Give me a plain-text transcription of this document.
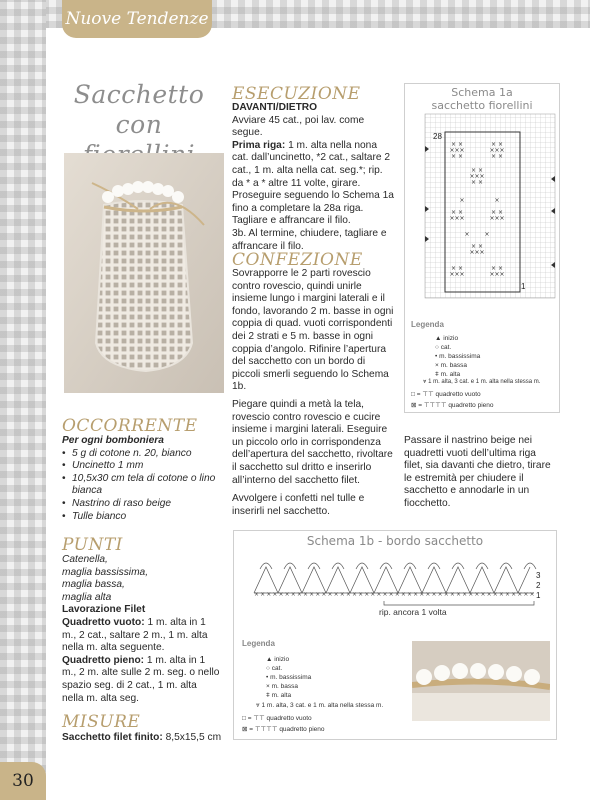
Nuove Tendenze
Sacchetto
con
ESECUZIONE

DAVANTI/DIETRO

Avviare 45 cat., poi lav. come segue.

Prima riga: 1 m. alta nella nona cat. dall’uncinetto, *2 cat., saltare 2 cat., 1 m. alta nella cat. seg.*; rip. da * a * altre 11 volte, girare.

Proseguire seguendo lo Schema 1a fino a completare la 28a riga.

Tagliare e affrancare il filo.

3b. Al termine, chiudere, tagliare e affrancare il filo.

CONFEZIONE
Sovrapporre le 2 parti rovescio contro rovescio, quindi unirle insieme lungo i margini laterali e il fondo, lavorando 2 m. basse in ogni coppia di quad. vuoti corrispondenti dei 2 strati e 5 m. basse in ogni coppia d’angolo. Rifinire l’apertura del sacchetto con un bordo di piccoli smerli seguendo lo Schema 1b.
Piegare quindi a metà la tela, rovescio contro rovescio e cucire insieme i margini laterali. Eseguire un piccolo orlo in corrispondenza dell’apertura del sacchetto, rivoltare il sacchetto sul dritto e inserirlo all’interno del sacchetto filet.
Avvolgere i confetti nel tulle e inserirli nel sacchetto.
Passare il nastrino beige nei quadretti vuoti dell’ultima riga filet, sia davanti che dietro, tirare le estremità per chiudere il sacchetto e annodarle in un fiocchetto.
OCCORRENTE

Per ogni bomboniera

• 5 g di cotone n. 20, bianco
• Uncinetto 1 mm
• 10,5x30 cm tela di cotone o lino bianca
• Nastrino di raso beige
• Tulle bianco
PUNTI

Catenella,

maglia bassissima,

maglia bassa,

maglia alta

Lavorazione Filet

Quadretto vuoto: 1 m. alta in 1 m., 2 cat., saltare 2 m., 1 m. alta nella m. alta seguente.

Quadretto pieno: 1 m. alta in 1 m., 2 m. alte sulle 2 m. seg. o nello spazio seg. di 2 cat., 1 m. alta nella m. alta seg.

MISURE
Sacchetto filet finito: 8,5x15,5 cm
Schema 1a
sacchetto fiorellini
× ×
×××
× ×
× ×
×××
× ×
× ×
×××
× ×
×	×
× ×
×××
× ×
×××
× ×
× ×
×××
× ×
×××
× ×
×××
28
1
Legenda
▲ inizio
○ cat.
• m. bassissima
× m. bassa
ǂ m. alta
⩔ 1 m. alta, 3 cat. e 1 m. alta nella stessa m.
□ = ⊤⊤ quadretto vuoto
⊠ = ⊤⊤⊤⊤ quadretto pieno
Schema 1b - bordo sacchetto
××××××××××××××××××××××××××××××××××××××××××××××
3
2
1
rip. ancora 1 volta
Legenda
▲ inizio
○ cat.
• m. bassissima
× m. bassa
ǂ m. alta
⩔ 1 m. alta, 3 cat. e 1 m. alta nella stessa m.
□ = ⊤⊤ quadretto vuoto
⊠ = ⊤⊤⊤⊤ quadretto pieno
30
